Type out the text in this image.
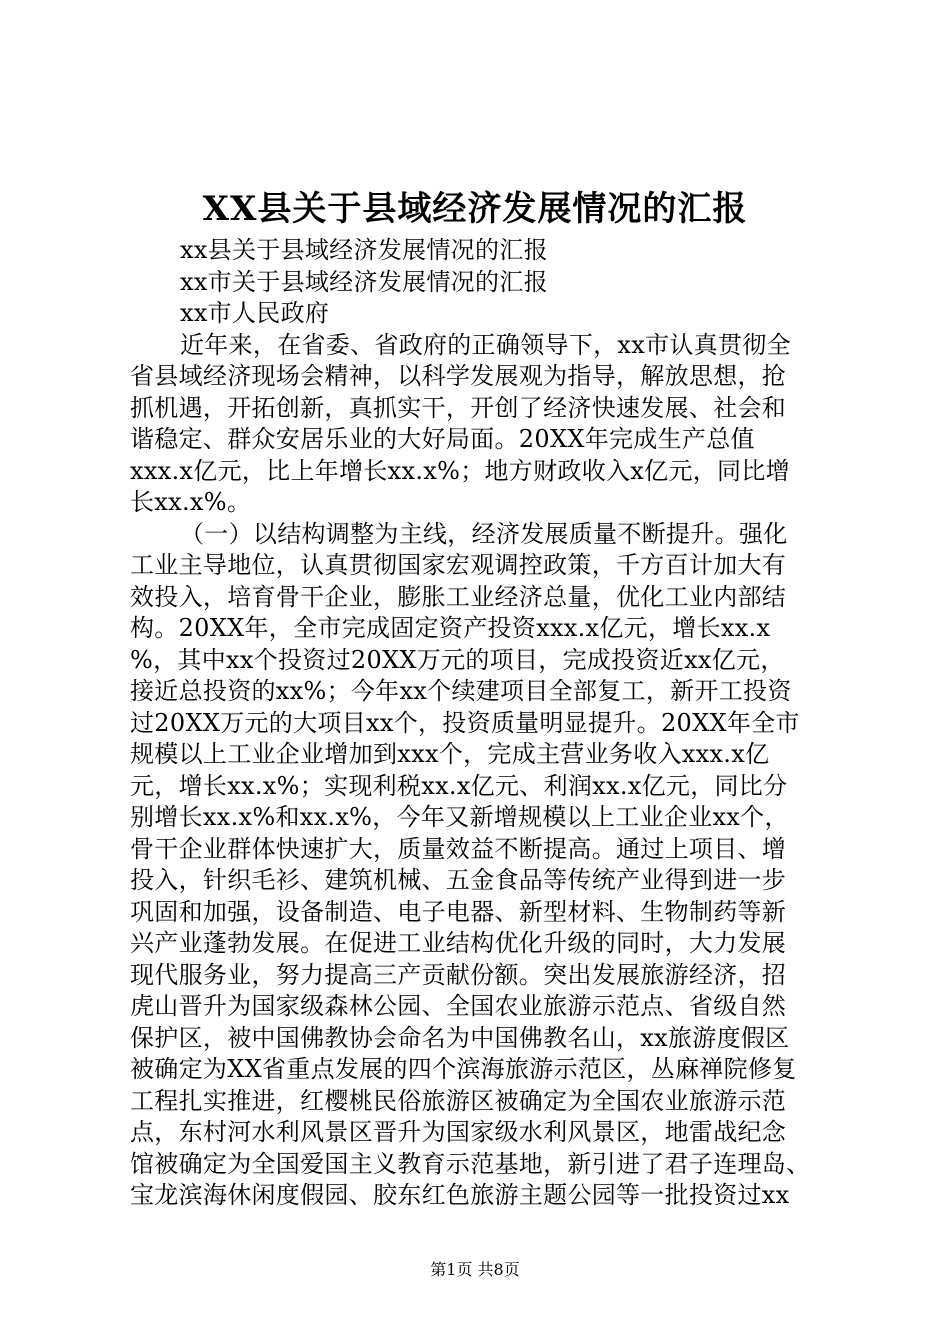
XX县关于县域经济发展情况的汇报
xx县关于县域经济发展情况的汇报
xx市关于县域经济发展情况的汇报
xx市人民政府
近年来，在省委、省政府的正确领导下，xx市认真贯彻全
省县域经济现场会精神，以科学发展观为指导，解放思想，抢
抓机遇，开拓创新，真抓实干，开创了经济快速发展、社会和
谐稳定、群众安居乐业的大好局面。20XX年完成生产总值
xxx.x亿元，比上年增长xx.x%；地方财政收入x亿元，同比增
长xx.x%。
（一）以结构调整为主线，经济发展质量不断提升。强化
工业主导地位，认真贯彻国家宏观调控政策，千方百计加大有
效投入，培育骨干企业，膨胀工业经济总量，优化工业内部结
构。20XX年，全市完成固定资产投资xxx.x亿元，增长xx.x
%，其中xx个投资过20XX万元的项目，完成投资近xx亿元，
接近总投资的xx%；今年xx个续建项目全部复工，新开工投资
过20XX万元的大项目xx个，投资质量明显提升。20XX年全市
规模以上工业企业增加到xxx个，完成主营业务收入xxx.x亿
元，增长xx.x%；实现利税xx.x亿元、利润xx.x亿元，同比分
别增长xx.x%和xx.x%，今年又新增规模以上工业企业xx个，
骨干企业群体快速扩大，质量效益不断提高。通过上项目、增
投入，针织毛衫、建筑机械、五金食品等传统产业得到进一步
巩固和加强，设备制造、电子电器、新型材料、生物制药等新
兴产业蓬勃发展。在促进工业结构优化升级的同时，大力发展
现代服务业，努力提高三产贡献份额。突出发展旅游经济，招
虎山晋升为国家级森林公园、全国农业旅游示范点、省级自然
保护区，被中国佛教协会命名为中国佛教名山，xx旅游度假区
被确定为XX省重点发展的四个滨海旅游示范区，丛麻禅院修复
工程扎实推进，红樱桃民俗旅游区被确定为全国农业旅游示范
点，东村河水利风景区晋升为国家级水利风景区，地雷战纪念
馆被确定为全国爱国主义教育示范基地，新引进了君子连理岛、
宝龙滨海休闲度假园、胶东红色旅游主题公园等一批投资过xx
第1页 共8页
